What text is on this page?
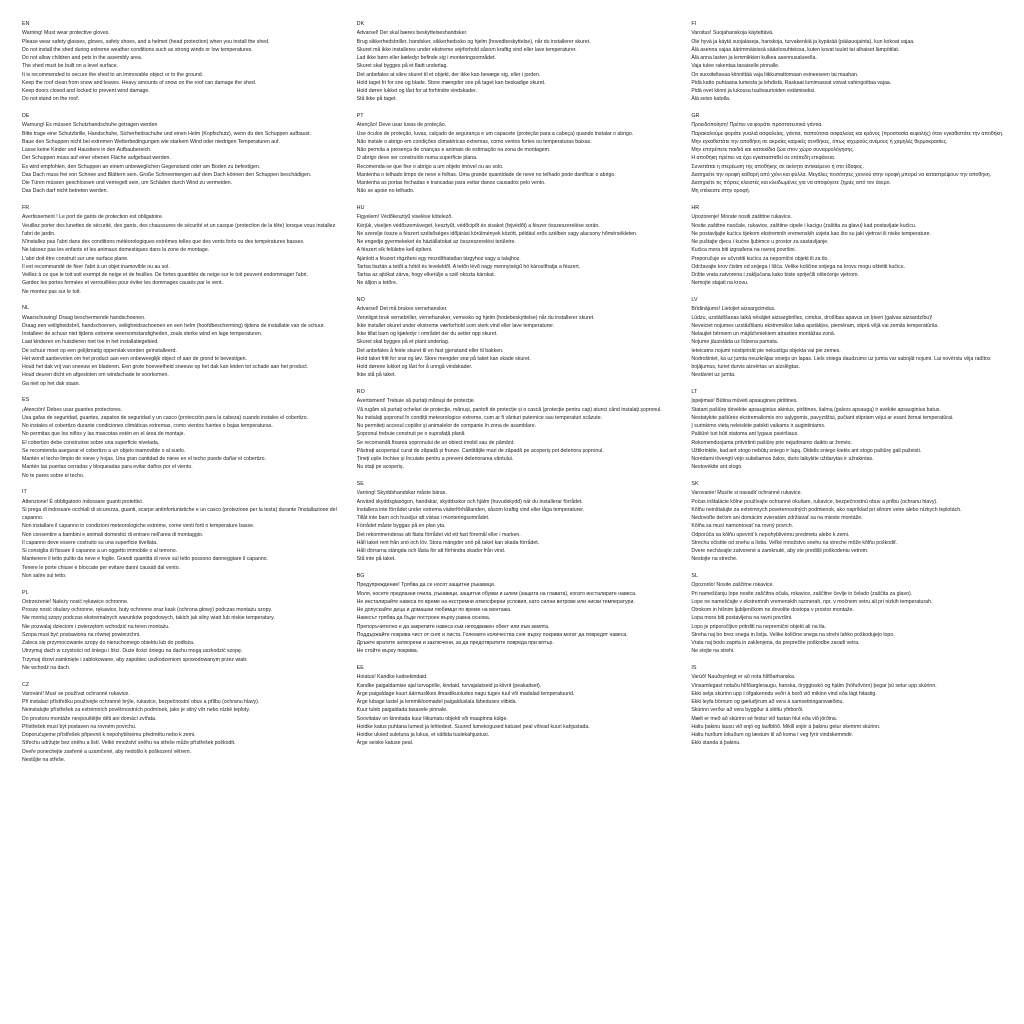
EN

Warning! Must wear protective gloves.

Please wear safety glasses, gloves, safety shoes, and a helmet (head protection) when you install the shed.

Do not install the shed during extreme weather conditions such as strong winds or low temperatures.

Do not allow children and pets in the assembly area.

The shed must be built on a level surface.

It is recommended to secure the shed to an immovable object or to the ground.

Keep the roof clean from snow and leaves. Heavy amounts of snow on the roof can damage the shed.

Keep doors closed and locked to prevent wind damage.

Do not stand on the roof.

DE

Warnung! Es müssen Schutzhandschuhe getragen werden

Bitte trage eine Schutzbrille, Handschuhe, Sicherheitsschuhe und einen Helm (Kopfschutz), wenn du den Schuppen aufbaust.

Baue den Schuppen nicht bei extremen Wetterbedingungen wie starkem Wind oder niedrigen Temperaturen auf.

Lasse keine Kinder und Haustiere in den Aufbaubereich.

Der Schuppen muss auf einer ebenen Fläche aufgebaut werden.

Es wird empfohlen, den Schuppen an einem unbeweglichen Gegenstand oder am Boden zu befestigen.

Das Dach muss frei von Schnee und Blättern sein. Große Schneemengen auf dem Dach können den Schuppen beschädigen.

Die Türen müssen geschlossen und verriegelt sein, um Schäden durch Wind zu vermeiden.

Das Dach darf nicht betreten werden.

FR

Avertissement ! Le port de gants de protection est obligatoire.

Veuillez porter des lunettes de sécurité, des gants, des chaussures de sécurité et un casque (protection de la tête) lorsque vous installez l'abri de jardin.

N'installez pas l'abri dans des conditions météorologiques extrêmes telles que des vents forts ou des températures basses.

Ne laissez pas les enfants et les animaux domestiques dans la zone de montage.

L'abri doit être construit sur une surface plane.

Il est recommandé de fixer l'abri à un objet inamovible ou au sol.

Veillez à ce que le toit soit exempt de neige et de feuilles. De fortes quantités de neige sur le toit peuvent endommager l'abri.

Gardez les portes fermées et verrouillées pour éviter les dommages causés par le vent.

Ne montez pas sur le toit.

NL

Waarschuwing! Draag beschermende handschoenen.

Draag een veiligheidsbril, handschoenen, veiligheidsschoenen en een helm (hoofdbescherming) tijdens de installatie van de schuur.

Installeer de schuur niet tijdens extreme weersomstandigheden, zoals sterke wind en lage temperaturen.

Laat kinderen en huisdieren niet toe in het installatiegebied.

De schuur moet op een gelijkmatig oppervlak worden geïnstalleerd.

Het wordt aanbevolen om het product aan een onbeweeglijk object of aan de grond te bevestigen.

Houd het dak vrij van sneeuw en bladeren. Een grote hoeveelheid sneeuw op het dak kan leiden tot schade aan het product.

Houd deuren dicht en afgesloten om windschade te voorkomen.

Ga niet op het dak staan.

ES

¡Atención! Debes usar guantes protectores.

Usa gafas de seguridad, guantes, zapatos de seguridad y un casco (protección para la cabeza) cuando instales el cobertizo.

No instales el cobertizo durante condiciones climáticas extremas, como vientos fuertes o bajas temperaturas.

No permitas que los niños y las mascotas estén en el área de montaje.

El cobertizo debe construirse sobre una superficie nivelada.

Se recomienda asegurar el cobertizo a un objeto inamovible o al suelo.

Mantén el techo limpio de nieve y hojas. Una gran cantidad de nieve en el techo puede dañar el cobertizo.

Mantén las puertas cerradas y bloqueadas para evitar daños por el viento.

No te pares sobre el techo.

IT

Attenzione! È obbligatorio indossare guanti protettivi.

Si prega di indossare occhiali di sicurezza, guanti, scarpe antinfortunistiche e un casco (protezione per la testa) durante l'installazione del capanno.

Non installare il capanno in condizioni meteorologiche estreme, come venti forti o temperature basse.

Non consentire a bambini e animali domestici di entrare nell'area di montaggio.

Il capanno deve essere costruito su una superficie livellata.

Si consiglia di fissare il capanno a un oggetto immobile o al terreno.

Mantenere il tetto pulito da neve e foglie. Grandi quantità di neve sul tetto possono danneggiare il capanno.

Tenere le porte chiuse e bloccate per evitare danni causati dal vento.

Non salire sul tetto.

PL

Ostrzeżenie! Należy nosić rękawice ochronne.

Proszę nosić okulary ochronne, rękawice, buty ochronne oraz kask (ochrona głowy) podczas montażu szopy.

Nie montuj szopy podczas ekstremalnych warunków pogodowych, takich jak silny wiatr lub niskie temperatury.

Nie pozwalaj dzieciom i zwierzętom wchodzić na teren montażu.

Szopa musi być postawiona na równej powierzchni.

Zaleca się przymocowanie szopy do nieruchomego obiektu lub do podłoża.

Utrzymuj dach w czystości od śniegu i liści. Duże ilości śniegu na dachu mogą uszkodzić szopę.

Trzymaj drzwi zamknięte i zablokowane, aby zapobiec uszkodzeniom spowodowanym przez wiatr.

Nie wchodź na dach.

CZ

Varování! Musí se používat ochranné rukavice.

Při instalaci přístřešku používejte ochranné brýle, rukavice, bezpečnostní obuv a přilbu (ochranu hlavy).

Neinstalujte přístřešek za extrémních povětrnostních podmínek, jako je silný vítr nebo nízké teploty.

Do prostoru montáže nevpouštějte děti ani domácí zvířata.

Přístřešek musí být postaven na rovném povrchu.

Doporučujeme přístřešek připevnit k nepohyblivému předmětu nebo k zemi.

Střechu udržujte bez sněhu a listí. Velké množství sněhu na střeše může přístřešek poškodit.

Dveře ponechejte zavřené a uzamčené, aby nedošlo k poškození větrem.

Nestůjte na střeše.

DK

Advarsel! Der skal bæres beskyttelseshandsker.

Brug sikkerhedsbriller, handsker, sikkerhedssko og hjelm (hovedbeskyttelse), når du installerer skuret.

Skuret må ikke installeres under ekstreme vejrforhold såsom kraftig vind eller lave temperaturer.

Lad ikke børn eller kæledyr befinde sig i monteringsområdet.

Skuret skal bygges på et fladt underlag.

Det anbefales at sikre skuret til et objekt, der ikke kan bevæge sig, eller i jorden.

Hold taget fri for sne og blade. Store mængder sne på taget kan beskadige skuret.

Hold døren lukket og låst for at forhindre vindskader.

Stå ikke på taget.

PT

Atenção! Deve usar luvas de proteção.

Use óculos de proteção, luvas, calçado de segurança e um capacete (proteção para a cabeça) quando instalar o abrigo.

Não instale o abrigo em condições climatéricas extremas, como ventos fortes ou temperaturas baixas.

Não permita a presença de crianças e animais de estimação na zona de montagem.

O abrigo deve ser construído numa superfície plana.

Recomenda-se que fixe o abrigo a um objeto imóvel ou ao solo.

Mantenha o telhado limpo de neve e folhas. Uma grande quantidade de neve no telhado pode danificar o abrigo.

Mantenha as portas fechadas e trancadas para evitar danos causados pelo vento.

Não se apoie no telhado.

HU

Figyelem! Védőkesztyű viselése kötelező.

Kérjük, viseljen védőszemüveget, kesztyűt, védőcipőt és sisakot (fejvédőt) a fészer összeszerelése során.

Ne szerelje össze a fészert szélsőséges időjárási körülmények között, például erős szélben vagy alacsony hőmérsékleten.

Ne engedje gyermekeket és háziállatokat az összeszerelési területre.

A fészert sík felületre kell építeni.

Ajánlott a fészert rögzíteni egy mozdíthatatlan tárgyhoz vagy a talajhoz.

Tartsa tisztán a tetőt a hótól és levelektől. A tetőn lévő nagy mennyiségű hó károsíthatja a fészert.

Tartsa az ajtókat zárva, hogy elkerülje a szél okozta károkat.

Ne álljon a tetőre.

NO

Advarsel! Det må brukes vernehansker.

Vennligst bruk vernebriller, vernehansker, vernesko og hjelm (hodebeskyttelse) når du installerer skuret.

Ikke installer skuret under ekstreme værforhold som sterk vind eller lave temperaturer.

Ikke tillat barn og kjæledyr i området der du setter opp skuret.

Skuret skal bygges på et plant underlag.

Det anbefales å feste skuret til en fast gjenstand eller til bakken.

Hold taket fritt for snø og løv. Store mengder snø på taket kan skade skuret.

Hold dørene lukket og låst for å unngå vindskader.

Ikke stå på taket.

RO

Avertisment! Trebuie să purtați mănuși de protecție.

Vă rugăm să purtați ochelari de protecție, mănuși, pantofi de protecție și o cască (protecție pentru cap) atunci când instalați șopronul.

Nu instalați șopronul în condiții meteorologice extreme, cum ar fi vânturi puternice sau temperaturi scăzute.

Nu permiteți accesul copiilor și animalelor de companie în zona de asamblare.

Șopronul trebuie construit pe o suprafață plană

Se recomandă fixarea șopronului de un obiect imobil sau de pământ.

Păstrați acoperișul curat de zăpadă și frunze. Cantitățile mari de zăpadă pe acoperiș pot deteriora șopronul.

Țineți ușile închise și încuiate pentru a preveni deteriorarea vântului.

Nu stați pe acoperiș.

SE

Varning! Skyddshandskar måste bäras.

Använd skyddsglasögon, handskar, skyddsskor och hjälm (huvudskydd) när du installerar förrådet.

Installera inte förrådet under extrema väderförhållanden, såsom kraftig vind eller låga temperaturer.

Tillåt inte barn och husdjur att vistas i monteringsområdet.

Förrådet måste byggas på en plan yta.

Det rekommenderas att fästa förrådet vid ett fast föremål eller i marken.

Håll taket rent från snö och löv. Stora mängder snö på taket kan skada förrådet.

Håll dörrarna stängda och låsta för att förhindra skador från vind.

Stå inte på taket.

BG

Предупреждение! Трябва да се носят защитни ръкавици.

Моля, носете предпазни очила, ръкавици, защитни обувки и шлем (защита на главата), когато инсталирате навеса.

Не инсталирайте навеса по време на екстремни атмосферни условия, като силни ветрове или ниски температури.

Не допускайте деца и домашни любимци по време на монтажа.

Навесът трябва да бъде построен върху равна основа.

Препоръчително е да закрепите навеса към неподвижен обект или към земята.

Поддържайте покрива чист от сняг и листа. Големите количества сняг върху покрива могат да повредят навеса.

Дръжте вратите затворени и заключени, за да предотвратите повреда при вятър.

Не стойте върху покрива.

EE

Hoiatus! Kandke kaitsekindaid.

Kandke paigaldamise ajal turvaprille, kindaid, turvajalatseid ja kiivrit (peakaitset).

Ärge paigaldage kuuri äärmuslikes ilmastikuoludes nagu tugev tuul või madalad temperatuurid.

Ärge lubage lastel ja lemmikloomadel paigalduslala läheduses viibida.

Kuur tuleb paigaldada tasasele pinnale.

Soovitatav on kinnitada kuur liikumatu objekti või maapinna külge.

Hoidke katus puhtana lumest ja lehtedest. Suured lumekogused katusel peal võivad kuuri kahjustada.

Hoidke uksed suletuna ja lukus, et vältida tuulekahjustusi.

Ärge seiske katuse peal.

FI

Varoitus! Suojahanskoja käytettävä.

Ole hyvä ja käytä suojalaseja, hanskoja, turvakenkiä ja kypärää (pääsuojainta), kun kokoat vajaa.

Älä asenna vajaa äärimmäisissä sääolosuhteissa, kuten kovat tuulet tai alhaiset lämpötilat.

Älä anna lasten ja lemmikkien kulkea asennusalueella.

Vaja tulee rakentaa tasaiselle pinnalle.

On suositeltavaa kiinnittää vaja liikkumattomaan esineeseen tai maahan.

Pidä katto puhtaana lumesta ja lehdistä. Raskaat lumimassat voivat vahingoittaa vajaa.

Pidä ovet kiinni ja lukossa tuulivaurioiden estämiseksi.

Älä seiso katolla.

GR

Προειδοποίηση! Πρέπει να φοράτε προστατευτικά γάντια.

Παρακαλούμε φοράτε γυαλιά ασφαλείας, γάντια, παπούτσια ασφαλείας και κράνος (προστασία κεφαλής) όταν εγκαθιστάτε την αποθήκη.

Μην εγκαθιστάτε την αποθήκη σε ακραίες καιρικές συνθήκες, όπως ισχυρούς ανέμους ή χαμηλές θερμοκρασίες.

Μην επιτρέπετε παιδιά και κατοικίδια ζώα στον χώρο συναρμολόγησης.

Η αποθήκη πρέπει να έχει εγκατασταθεί σε επίπεδη επιφάνεια.

Συνιστάται η στερέωση της αποθήκης σε ακίνητο αντικείμενο ή στο έδαφος.

Διατηρείτε την οροφή καθαρή από χιόνι και φύλλα. Μεγάλες ποσότητες χιονιού στην οροφή μπορεί να καταστρέψουν την αποθήκη.

Διατηρείτε τις πόρτες κλειστές και κλειδωμένες για να αποφύγετε ζημιές από τον άνεμο.

Μη στέκεστε στην οροφή.

HR

Upozorenje! Morate nositi zaštitne rukavice.

Nosite zaštitne naočale, rukavice, zaštitne cipele i kacigu (zaštita za glavu) kad postavljate kućicu.

Ne postavljajte kućicu tijekom ekstremnih vremenskih uvjeta kao što su jaki vjetrovi ili niske temperature.

Ne puštajte djecu i kućne ljubimce u prostor za sastavljanje.

Kućica mora biti izgrađena na ravnoj površini.

Preporučuje se učvrstiti kućicu za nepomični objekt ili za tlo.

Održavajte krov čistim od snijega i lišća. Velike količine snijega na krovu mogu oštetiti kućicu.

Držite vrata zatvorena i zaključana kako biste spriječili oštećenje vjetrom.

Nemojte stajati na krovu.

LV

Brīdinājums! Lietojiet aizsargcimdus.

Lūdzu, uzstādīšanas laikā nēsājiet aizsargbrilles, cimdus, drošības apavus un ķiveri (galvas aizsardzību)!

Neveiciet nojumes uzstādīšanu ekstremālos laika apstākļos, piemēram, stiprā vējā vai zemās temperatūrās.

Nelaujiet bērniem un mājdzīvniekiem atrasties montāžas zonā.

Nojume jāuzstāda uz līdzena pamata.

Ieteicams nojumi nostiprināt pie nekustīga objekta vai pie zemes.

Nodrošiniet, ka uz jumta neuzkrājas sniegs un lapas. Liels sniega daudzums uz jumta var sabojāt nojumi. Lai novērstu vēja radītos bojājumus, turiet durvis aizvērtas un aizslēgtas.

Nestāviet uz jumta.

LT

Įspėjimas! Būtina mūvėti apsaugines pirštines.

Statant pašiūrę dėvėkite apsauginius akinius, pirštines, šalmą (galvos apsaugą) ir avėkite apsauginius batus.

Nestatykite pašiūrės ekstremaliomis oro sąlygomis, pavyzdžiui, pučiant stipriam vėjui ar esant žemai temperatūrai.

Į surinkimo vietą neleiskite patekti vaikams ir augintiniams.

Pašiūrė turi būti statoma ant lygaus paviršiaus.

Rekomenduojama pritvirtinti pašiūrę prie nejudinamo daikto ar žemės.

Užtikrinkite, kad ant stogo nebūtų sniego ir lapų. Didelis sniego kiekis ant stogo pašiūrę gali pažeisti.

Norėdami išvengti vėjo sukeliamos žalos, duris laikykite uždarytas ir užrakintas.

Nestovėkite ant stogo.

SK

Varovanie! Musíte si nasadiť ochranné rukavice.

Počas inštalácie kôlne používajte ochranné okuliare, rukavice, bezpečnostnú obuv a prilbu (ochranu hlavy).

Kôlňu neinštalujte za extrémnych poveternostných podmienok, ako napríklad pri silnom vetre alebo nízkych teplotách.

Nedovoľte deťom ani domácim zvieratám zdržiavať sa na mieste montáže.

Kôlňa sa musí namontovať na rovný povrch.

Odporúča sa kôlňu upevniť k nepohyblivému predmetu alebo k zemi.

Strechu očistite od snehu a lístia. Veľké množstvo snehu na streche môže kôlňu poškodiť.

Dvere nechávajte zatvorené a zamknuté, aby ste predišli poškodeniu vetrom.

Nestojte na streche.

SL

Opozorilo! Nosite zaščitne rokavice.

Pri nameščanju lope nosite zaščitna očala, rokavice, zaščitne čevlje in čelado (zaščita za glavo).

Lope ne nameščajte v ekstremnih vremenskih razmerah, npr. v močnem vetru ali pri nizkih temperaturah.

Otrokom in hišnim ljubljenčkom ne dovolite dostopa v prostor montaže.

Lopa mora biti postavljena na ravni površini.

Lopo je priporočljivo pritrditi na nepremični objekt ali na tla.

Streha naj bo brez snega in listja. Velike količine snega na strehi lahko poškodujejo lopo.

Vrata naj bodo zaprta in zaklenjena, da preprečite poškodbe zaradi vetra.

Ne stojte na strehi.

IS

Varúð! Nauðsynlegt er að nota hlífðarhanska.

Vinsamlegast notaðu hlífðargleraugu, hanska, öryggisskó og hjálm (höfuðvörn) þegar þú setur upp skúrinn.

Ekki setja skúrinn upp í öfgakenndu veðri á borð við mikinn vind eða lágt hitastig.

Ekki leyfa börnum og gæludýrum að vera á samsetningarsvæðinu.

Skúrinn verður að vera byggður á sléttu yfirborði.

Mælt er með að skúrinn sé festur við fastan hlut eða við jörðina.

Haltu þakinu lausu við snjó og laufblöð. Mikill snjór á þakinu getur skemmt skúrinn.

Haltu hurðum lokuðum og læstum til að koma í veg fyrir vindskemmdir.

Ekki standa á þakinu.
